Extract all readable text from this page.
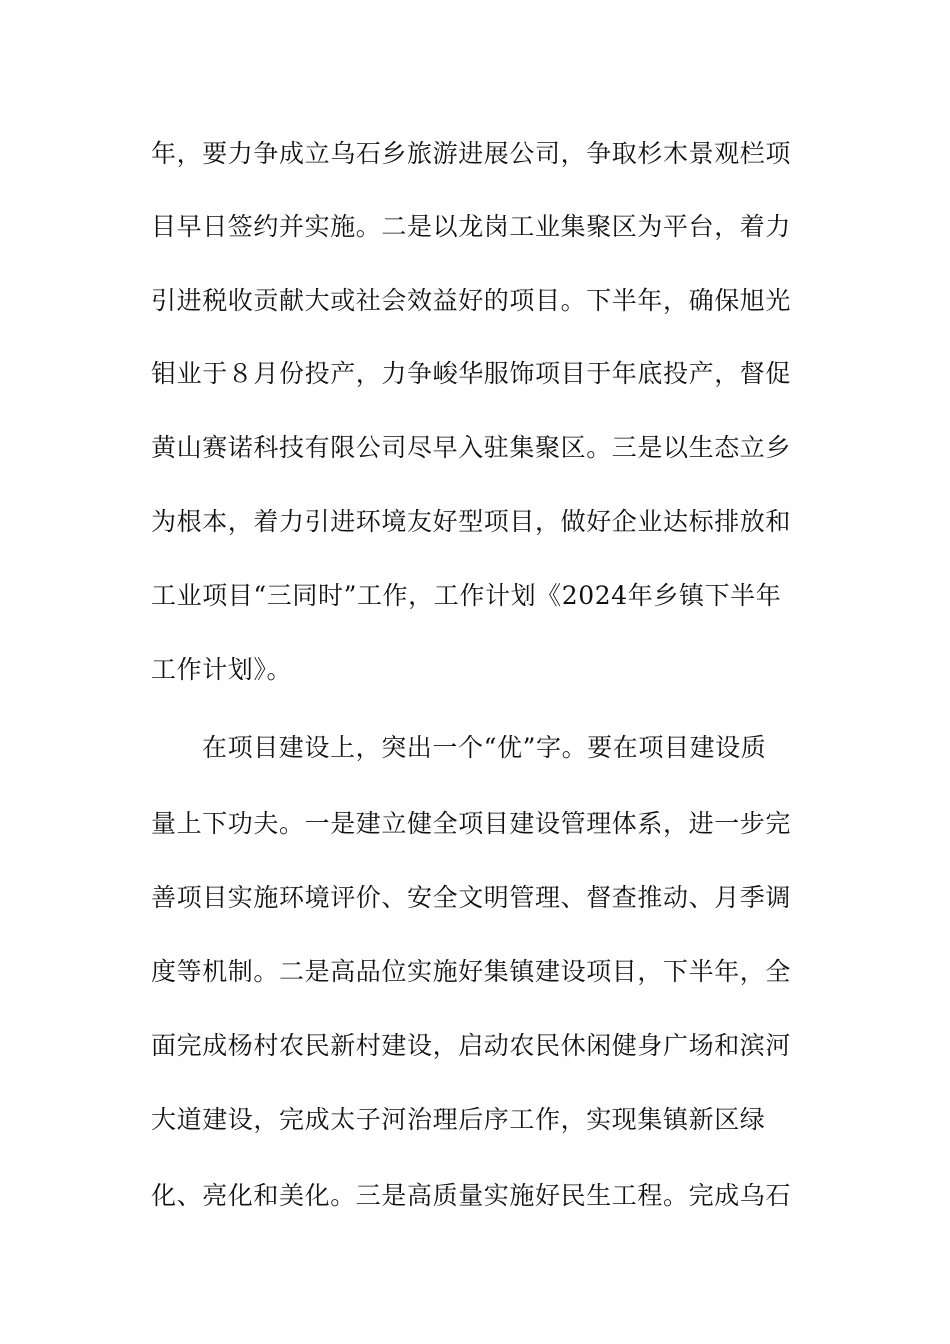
年，要力争成立乌石乡旅游进展公司，争取杉木景观栏项
目早日签约并实施。二是以龙岗工业集聚区为平台，着力
引进税收贡献大或社会效益好的项目。下半年，确保旭光
钼业于８月份投产，力争峻华服饰项目于年底投产，督促
黄山赛诺科技有限公司尽早入驻集聚区。三是以生态立乡
为根本，着力引进环境友好型项目，做好企业达标排放和
工业项目“三同时”工作，工作计划《2024年乡镇下半年
工作计划》。
在项目建设上，突出一个“优”字。要在项目建设质
量上下功夫。一是建立健全项目建设管理体系，进一步完
善项目实施环境评价、安全文明管理、督查推动、月季调
度等机制。二是高品位实施好集镇建设项目，下半年，全
面完成杨村农民新村建设，启动农民休闲健身广场和滨河
大道建设，完成太子河治理后序工作，实现集镇新区绿
化、亮化和美化。三是高质量实施好民生工程。完成乌石
